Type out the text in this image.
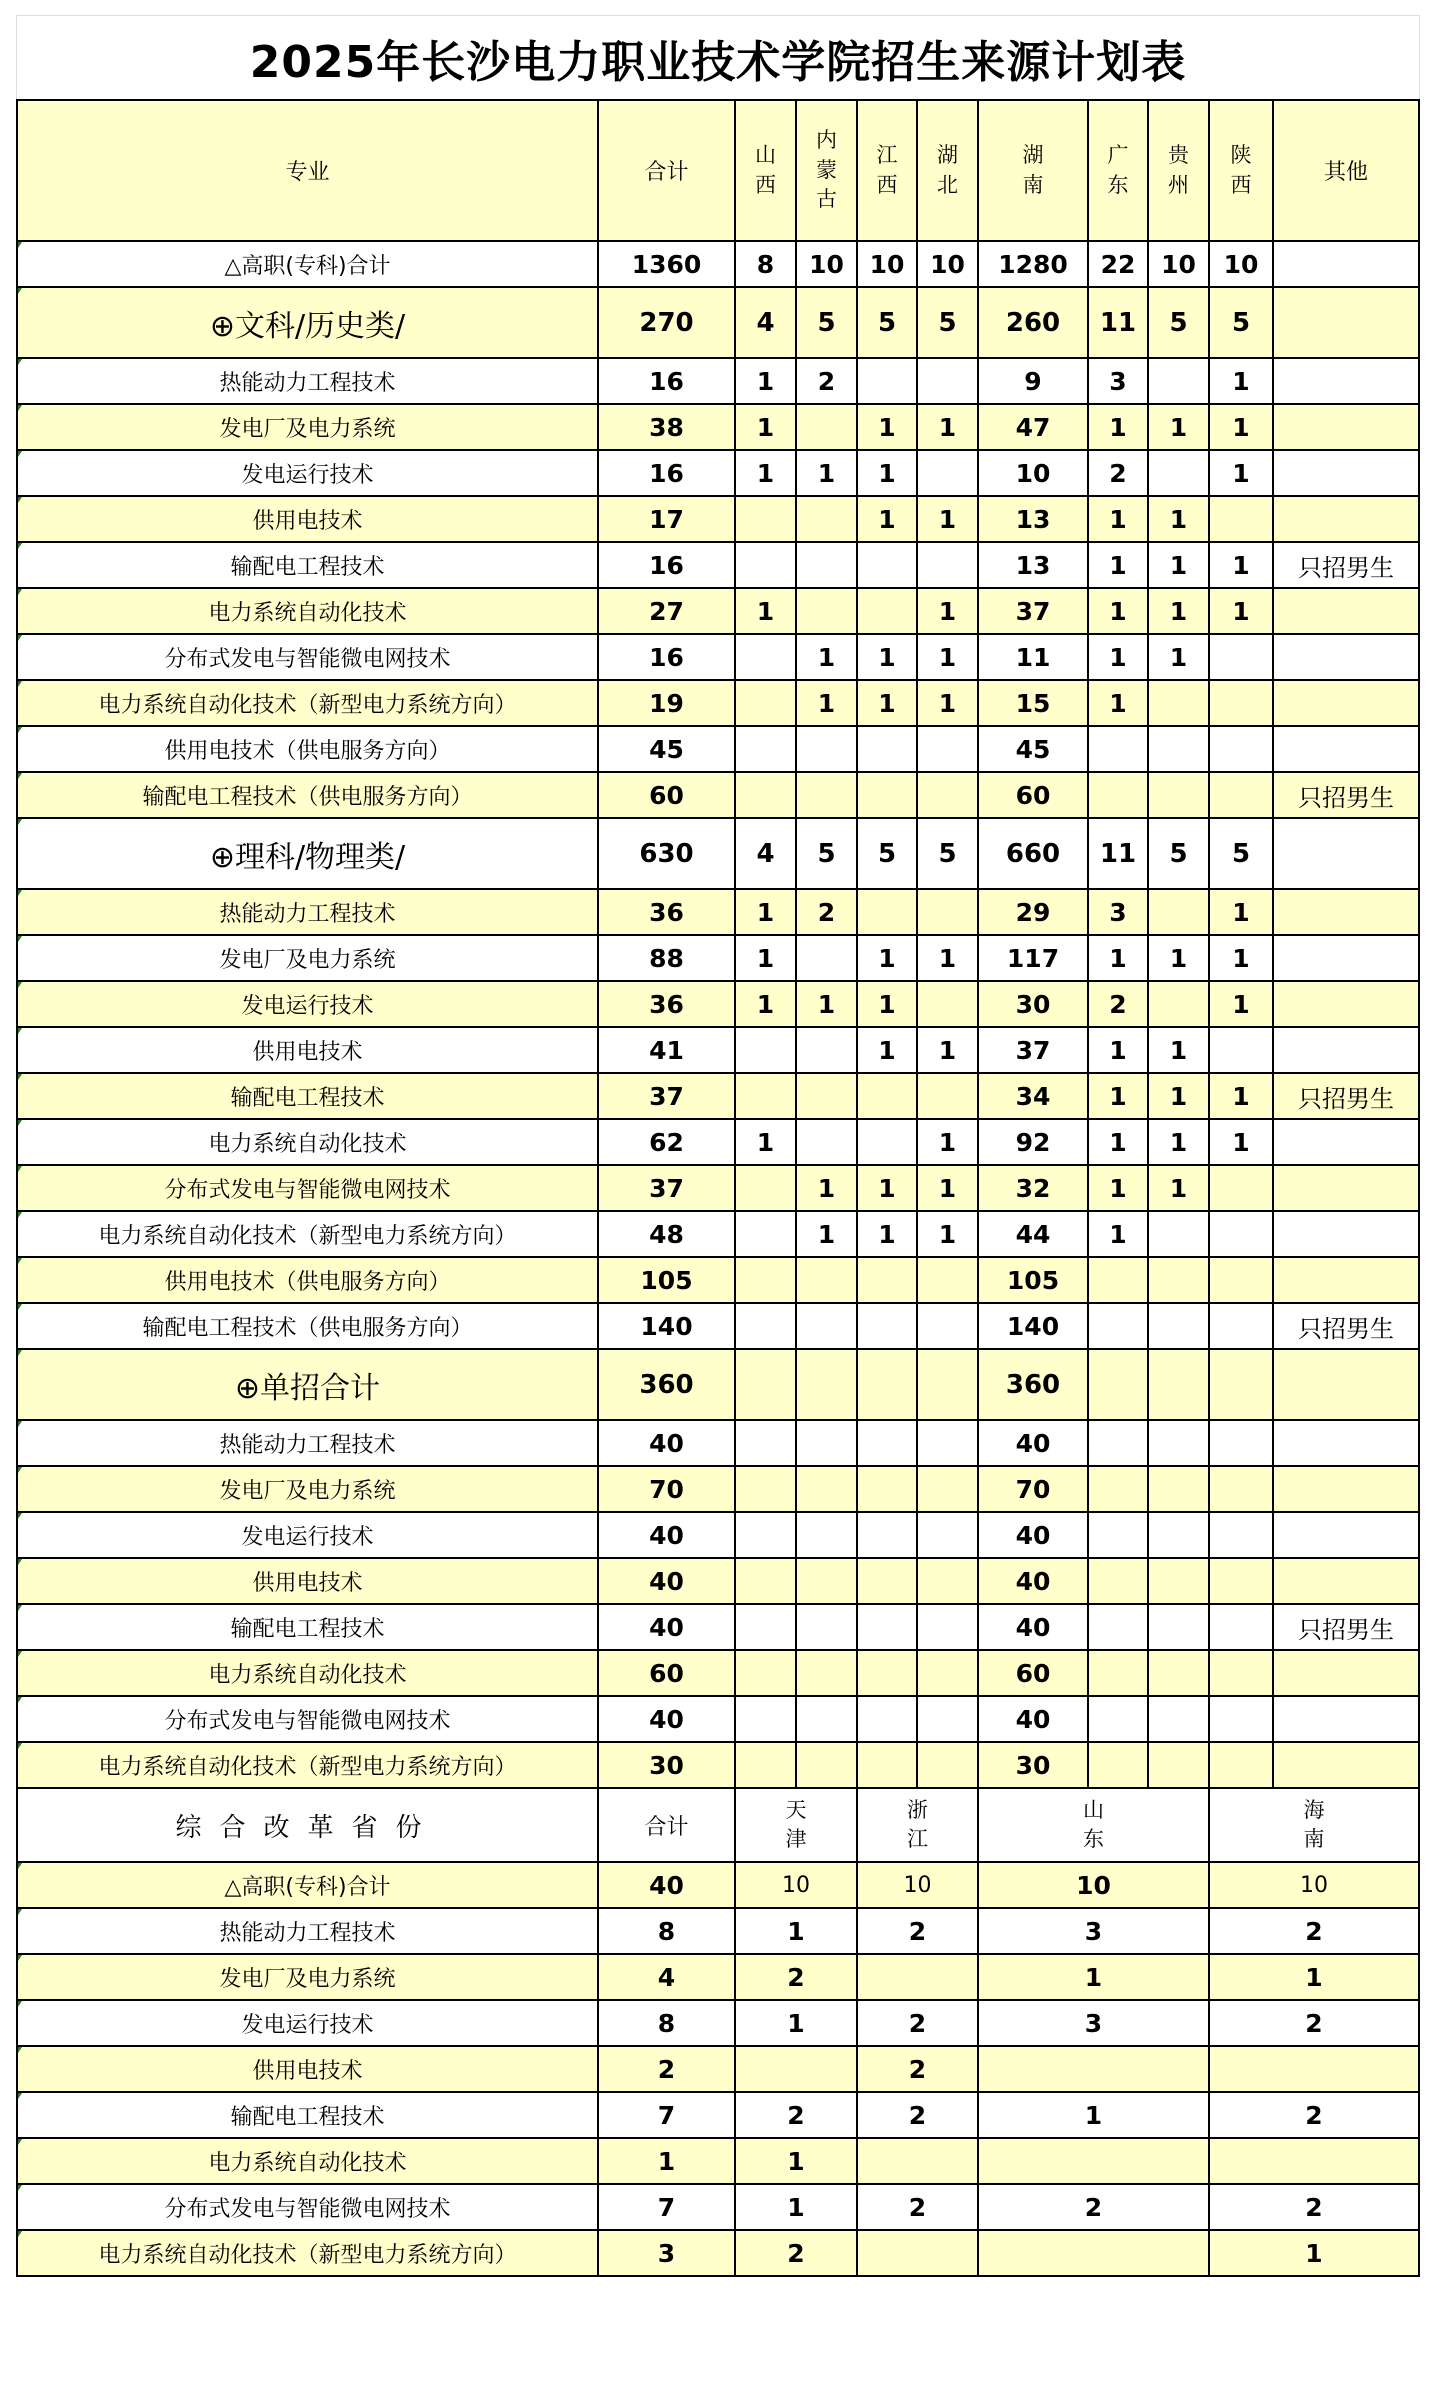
2025年长沙电力职业技术学院招生来源计划表
专业	合计	山西	内蒙古	江西	湖北	湖南	广东	贵州	陕西	其他	
△高职(专科)合计	1360	8	10	10	10	1280	22	10	10		
⊕文科/历史类/	270	4	5	5	5	260	11	5	5		
热能动力工程技术	16	1	2			9	3		1		
发电厂及电力系统	38	1		1	1	47	1	1	1		
发电运行技术	16	1	1	1		10	2		1		
供用电技术	17			1	1	13	1	1			
输配电工程技术	16					13	1	1	1	只招男生	
电力系统自动化技术	27	1			1	37	1	1	1		
分布式发电与智能微电网技术	16		1	1	1	11	1	1			
电力系统自动化技术（新型电力系统方向）	19		1	1	1	15	1				
供用电技术（供电服务方向）	45					45					
输配电工程技术（供电服务方向）	60					60				只招男生	
⊕理科/物理类/	630	4	5	5	5	660	11	5	5		
热能动力工程技术	36	1	2			29	3		1		
发电厂及电力系统	88	1		1	1	117	1	1	1		
发电运行技术	36	1	1	1		30	2		1		
供用电技术	41			1	1	37	1	1			
输配电工程技术	37					34	1	1	1	只招男生	
电力系统自动化技术	62	1			1	92	1	1	1		
分布式发电与智能微电网技术	37		1	1	1	32	1	1			
电力系统自动化技术（新型电力系统方向）	48		1	1	1	44	1				
供用电技术（供电服务方向）	105					105					
输配电工程技术（供电服务方向）	140					140				只招男生	
⊕单招合计	360					360					
热能动力工程技术	40					40					
发电厂及电力系统	70					70					
发电运行技术	40					40					
供用电技术	40					40					
输配电工程技术	40					40				只招男生	
电力系统自动化技术	60					60					
分布式发电与智能微电网技术	40					40					
电力系统自动化技术（新型电力系统方向）	30					30					
综合改革省份	合计	天津		浙江		山东			海南		
△高职(专科)合计	40	10		10		10			10		
热能动力工程技术	8	1		2		3			2		
发电厂及电力系统	4	2				1			1		
发电运行技术	8	1		2		3			2		
供用电技术	2			2							
输配电工程技术	7	2		2		1			2	
电力系统自动化技术	1	1									
分布式发电与智能微电网技术	7	1		2		2			2		
电力系统自动化技术（新型电力系统方向）	3	2							1		
